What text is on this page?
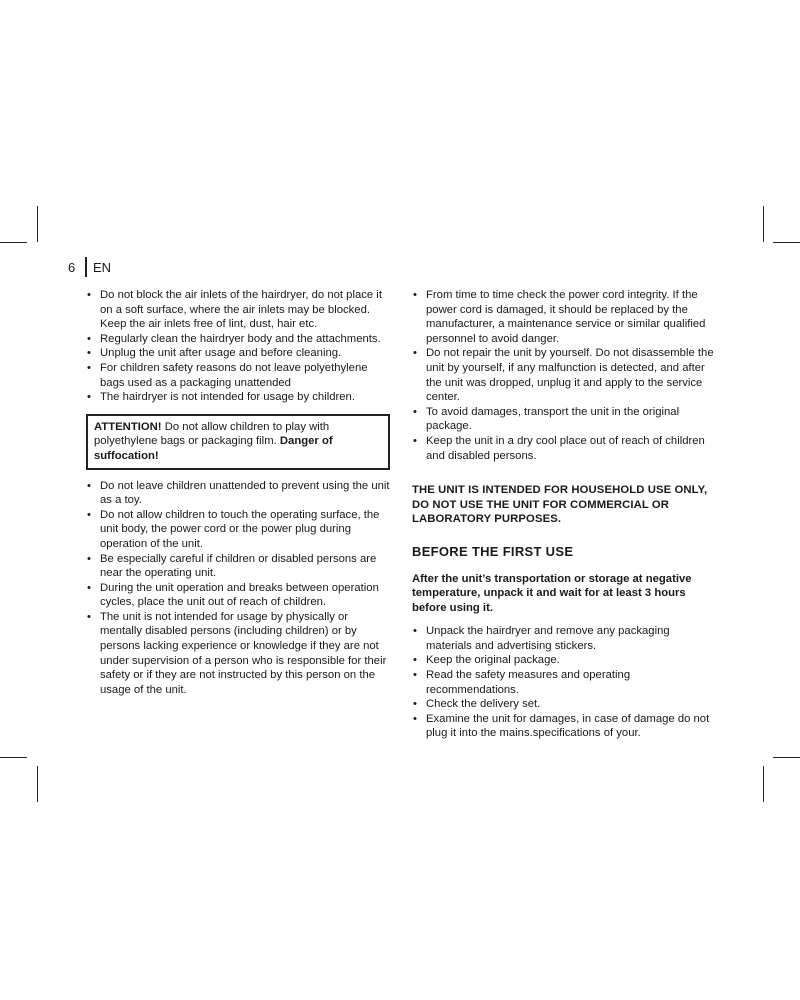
6	EN
• Do not block the air inlets of the hairdryer, do not place it on a soft surface, where the air inlets may be blocked. Keep the air inlets free of lint, dust, hair etc.
• Regularly clean the hairdryer body and the attachments.
• Unplug the unit after usage and before cleaning.
• For children safety reasons do not leave polyethylene bags used as a packaging unattended
• The hairdryer is not intended for usage by children.
ATTENTION! Do not allow children to play with polyethylene bags or packaging film. Danger of suffocation!
• Do not leave children unattended to prevent using the unit as a toy.
• Do not allow children to touch the operating surface, the unit body, the power cord or the power plug during operation of the unit.
• Be especially careful if children or disabled persons are near the operating unit.
• During the unit operation and breaks between operation cycles, place the unit out of reach of children.
• The unit is not intended for usage by physically or mentally disabled persons (including children) or by persons lacking experience or knowledge if they are not under supervision of a person who is responsible for their safety or if they are not instructed by this person on the usage of the unit.
• From time to time check the power cord integrity. If the power cord is damaged, it should be replaced by the manufacturer, a maintenance service or similar qualified personnel to avoid danger.
• Do not repair the unit by yourself. Do not disassemble the unit by yourself, if any malfunction is detected, and after the unit was dropped, unplug it and apply to the service center.
• To avoid damages, transport the unit in the original package.
• Keep the unit in a dry cool place out of reach of children and disabled persons.
THE UNIT IS INTENDED FOR HOUSEHOLD USE ONLY, DO NOT USE THE UNIT FOR COMMERCIAL OR LABORATORY PURPOSES.
BEFORE THE FIRST USE
After the unit’s transportation or storage at negative temperature, unpack it and wait for at least 3 hours before using it.
• Unpack the hairdryer and remove any packaging materials and advertising stickers.
• Keep the original package.
• Read the safety measures and operating recommendations.
• Check the delivery set.
• Examine the unit for damages, in case of damage do not plug it into the mains.specifications of your.
